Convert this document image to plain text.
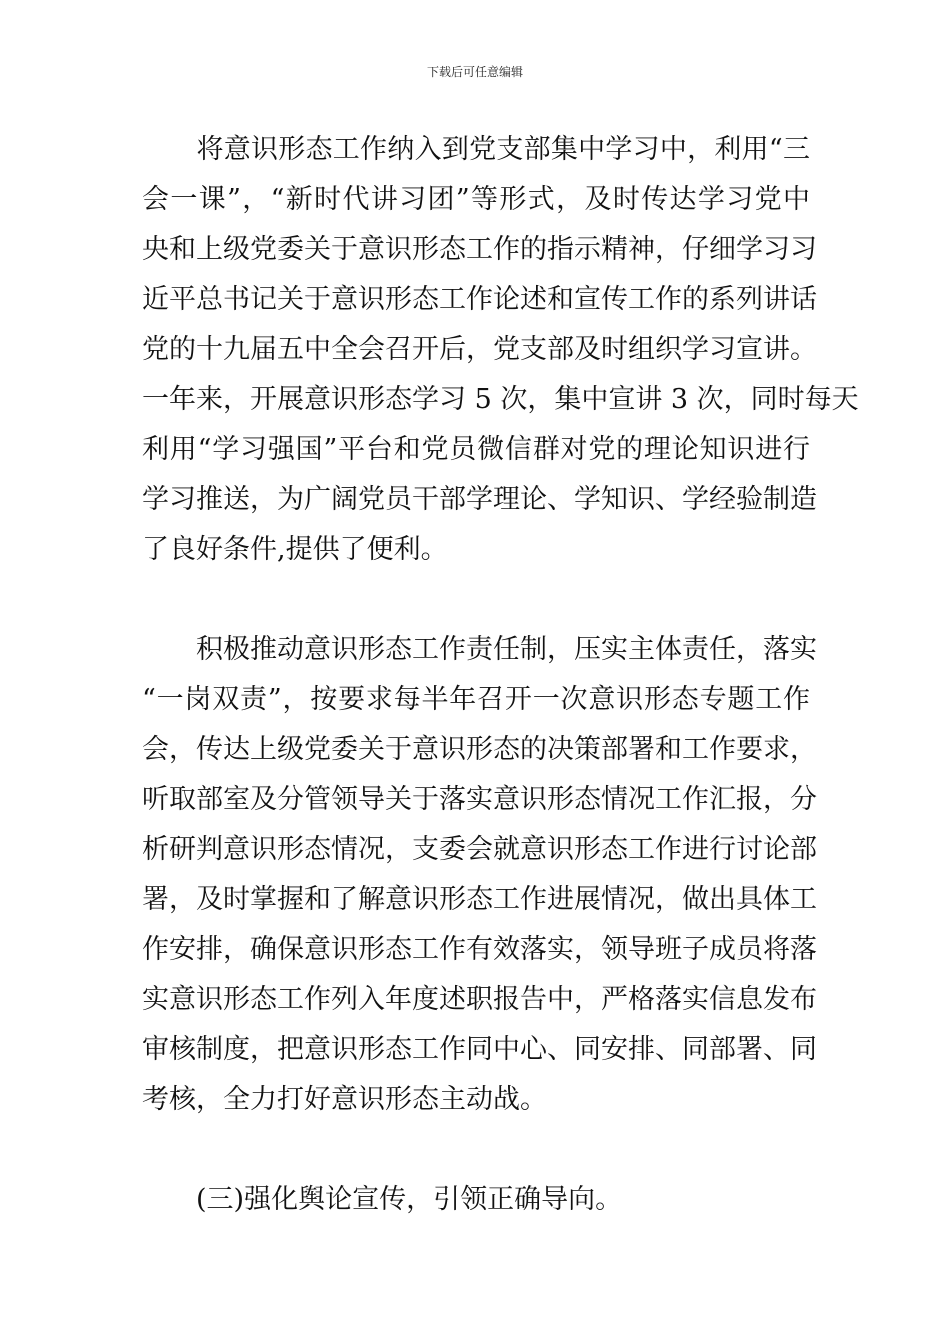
下载后可任意编辑
　　将意识形态工作纳入到党支部集中学习中，利用“三
会一课”，“新时代讲习团”等形式，及时传达学习党中
央和上级党委关于意识形态工作的指示精神，仔细学习习
近平总书记关于意识形态工作论述和宣传工作的系列讲话
党的十九届五中全会召开后，党支部及时组织学习宣讲。
一年来，开展意识形态学习 5 次，集中宣讲 3 次，同时每天
利用“学习强国”平台和党员微信群对党的理论知识进行
学习推送，为广阔党员干部学理论、学知识、学经验制造
了良好条件,提供了便利。
　　积极推动意识形态工作责任制，压实主体责任，落实
“一岗双责”，按要求每半年召开一次意识形态专题工作
会，传达上级党委关于意识形态的决策部署和工作要求，
听取部室及分管领导关于落实意识形态情况工作汇报，分
析研判意识形态情况，支委会就意识形态工作进行讨论部
署，及时掌握和了解意识形态工作进展情况，做出具体工
作安排，确保意识形态工作有效落实，领导班子成员将落
实意识形态工作列入年度述职报告中，严格落实信息发布
审核制度，把意识形态工作同中心、同安排、同部署、同
考核，全力打好意识形态主动战。
　　(三)强化舆论宣传，引领正确导向。
